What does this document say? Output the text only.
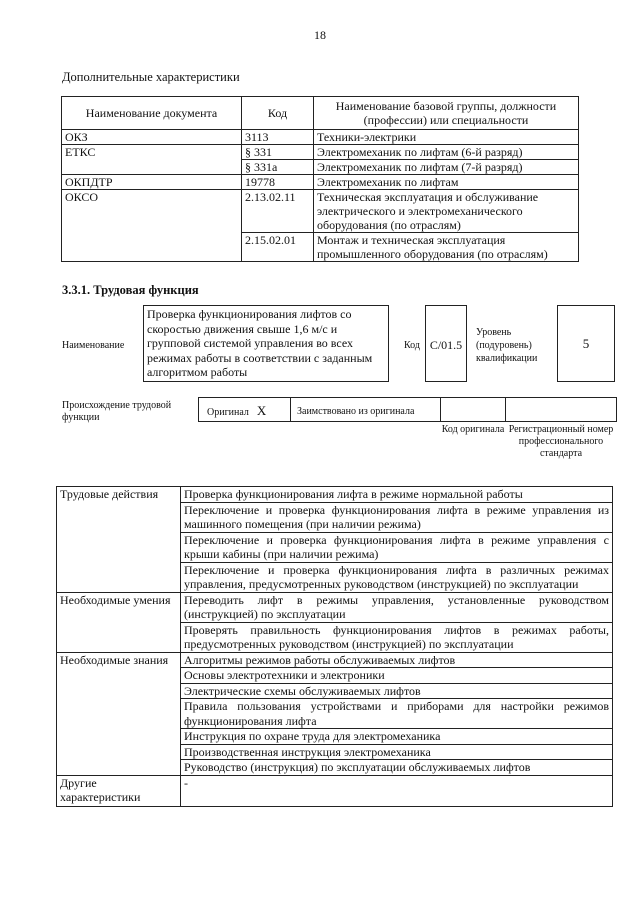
18
Дополнительные характеристики
Наименование документа	Код	Наименование базовой группы, должности (профессии) или специальности
ОКЗ	3113	Техники-электрики
ЕТКС	§ 331	Электромеханик по лифтам (6-й разряд)
	§ 331а	Электромеханик по лифтам (7-й разряд)
ОКПДТР	19778	Электромеханик по лифтам
ОКСО	2.13.02.11	Техническая эксплуатация и обслуживание электрического и электромеханического оборудования (по отраслям)
	2.15.02.01	Монтаж и техническая эксплуатация промышленного оборудования (по отраслям)
3.3.1. Трудовая функция
Наименование
Проверка функционирования лифтов со скоростью движения свыше 1,6 м/с и групповой системой управления во всех режимах работы в соответствии с заданным алгоритмом работы
Код С/01.5
Уровень (подуровень) квалификации
5
Происхождение трудовой функции	Оригинал X	Заимствовано из оригинала
Код оригинала Регистрационный номер профессионального стандарта
Трудовые действия	Проверка функционирования лифта в режиме нормальной работы
	Переключение и проверка функционирования лифта в режиме управления из машинного помещения (при наличии режима)
	Переключение и проверка функционирования лифта в режиме управления с крыши кабины (при наличии режима)
	Переключение и проверка функционирования лифта в различных режимах управления, предусмотренных руководством (инструкцией) по эксплуатации
Необходимые умения	Переводить лифт в режимы управления, установленные руководством (инструкцией) по эксплуатации
	Проверять правильность функционирования лифтов в режимах работы, предусмотренных руководством (инструкцией) по эксплуатации
Необходимые знания	Алгоритмы режимов работы обслуживаемых лифтов
	Основы электротехники и электроники
	Электрические схемы обслуживаемых лифтов
	Правила пользования устройствами и приборами для настройки режимов функционирования лифта
	Инструкция по охране труда для электромеханика
	Производственная инструкция электромеханика
	Руководство (инструкция) по эксплуатации обслуживаемых лифтов
Другие характеристики	-
